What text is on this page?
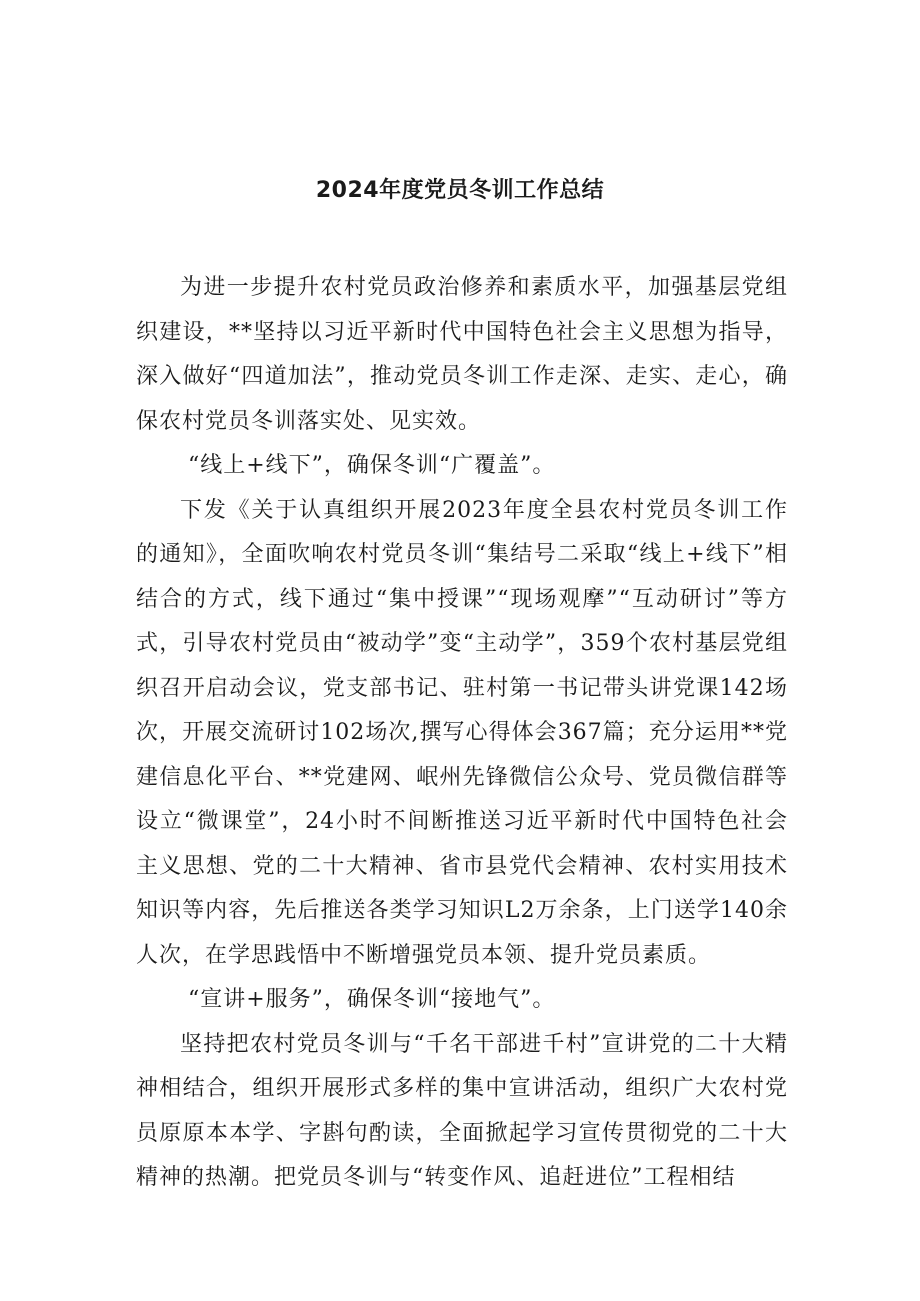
2024年度党员冬训工作总结

为进一步提升农村党员政治修养和素质水平，加强基层党组织建设，**坚持以习近平新时代中国特色社会主义思想为指导，深入做好“四道加法”，推动党员冬训工作走深、走实、走心，确保农村党员冬训落实处、见实效。

“线上+线下”，确保冬训“广覆盖”。

下发《关于认真组织开展2023年度全县农村党员冬训工作的通知》，全面吹响农村党员冬训“集结号二采取“线上+线下”相结合的方式，线下通过“集中授课”“现场观摩”“互动研讨”等方式，引导农村党员由“被动学”变“主动学”，359个农村基层党组织召开启动会议，党支部书记、驻村第一书记带头讲党课142场次，开展交流研讨102场次,撰写心得体会367篇；充分运用**党建信息化平台、**党建网、岷州先锋微信公众号、党员微信群等设立“微课堂”，24小时不间断推送习近平新时代中国特色社会主义思想、党的二十大精神、省市县党代会精神、农村实用技术知识等内容，先后推送各类学习知识L2万余条，上门送学140余人次，在学思践悟中不断增强党员本领、提升党员素质。

“宣讲+服务”，确保冬训“接地气”。

坚持把农村党员冬训与“千名干部进千村”宣讲党的二十大精神相结合，组织开展形式多样的集中宣讲活动，组织广大农村党员原原本本学、字斟句酌读，全面掀起学习宣传贯彻党的二十大精神的热潮。把党员冬训与“转变作风、追赶进位”工程相结
